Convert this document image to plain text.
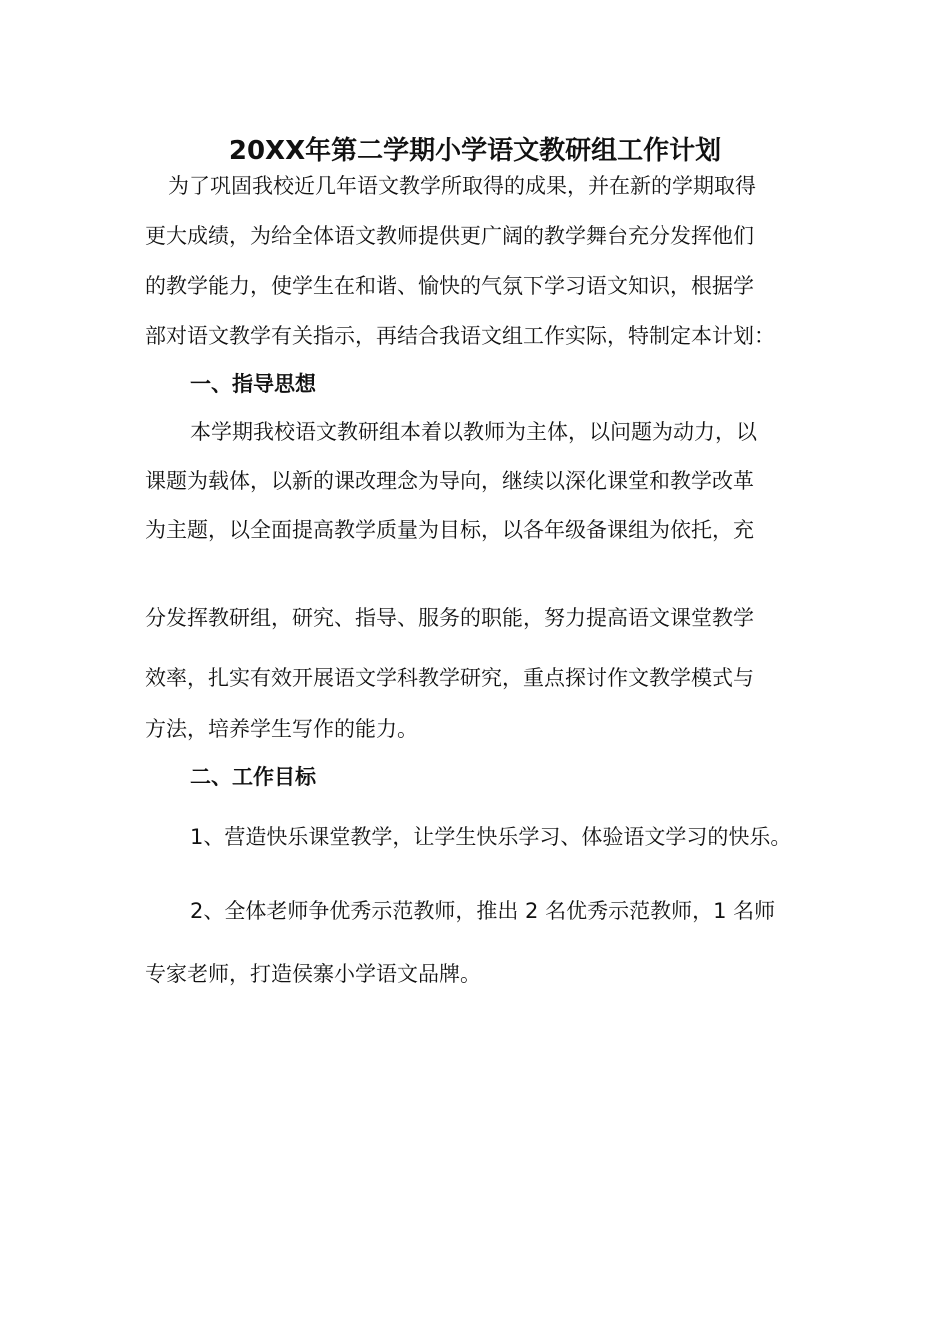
20XX年第二学期小学语文教研组工作计划
为了巩固我校近几年语文教学所取得的成果，并在新的学期取得
更大成绩，为给全体语文教师提供更广阔的教学舞台充分发挥他们
的教学能力，使学生在和谐、愉快的气氛下学习语文知识，根据学
部对语文教学有关指示，再结合我语文组工作实际，特制定本计划：
一、指导思想
本学期我校语文教研组本着以教师为主体，以问题为动力，以
课题为载体，以新的课改理念为导向，继续以深化课堂和教学改革
为主题，以全面提高教学质量为目标，以各年级备课组为依托，充
分发挥教研组，研究、指导、服务的职能，努力提高语文课堂教学
效率，扎实有效开展语文学科教学研究，重点探讨作文教学模式与
方法，培养学生写作的能力。
二、工作目标
1、营造快乐课堂教学，让学生快乐学习、体验语文学习的快乐。
2、全体老师争优秀示范教师，推出 2 名优秀示范教师，1 名师
专家老师，打造侯寨小学语文品牌。
